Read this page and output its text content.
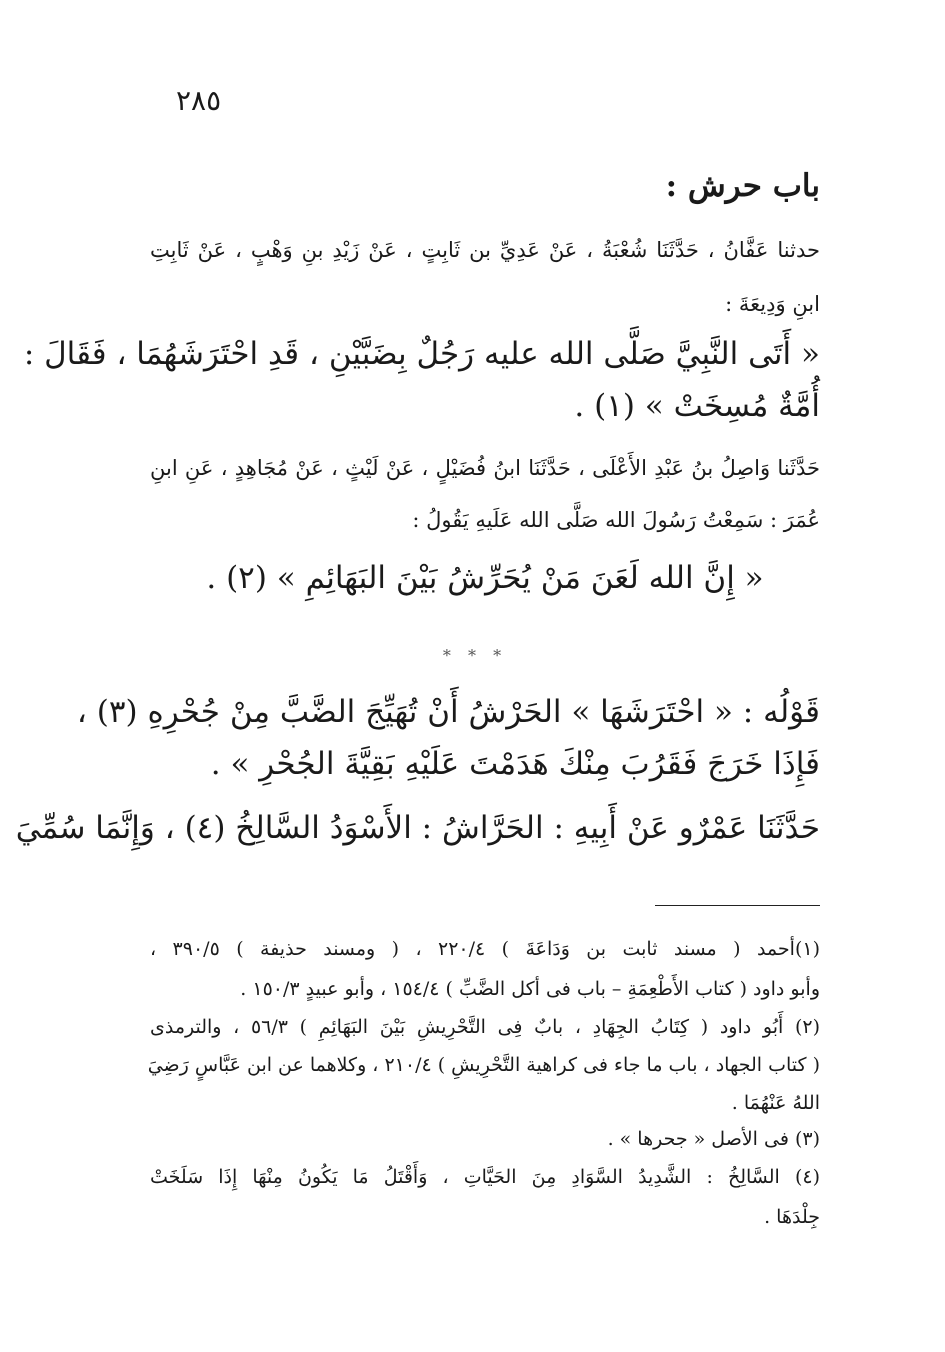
٢٨٥
باب حرش :
حدثنا عَفَّانُ ، حَدَّثَنَا شُعْبَةُ ، عَنْ عَدِيِّ بن ثَابِتٍ ، عَنْ زَيْدِ بنِ وَهْبٍ ، عَنْ ثَابِتِ
ابنِ وَدِيعَةَ :
« أَتَى النَّبِيَّ صَلَّى الله عليه رَجُلٌ بِضَبَّيْنِ ، قَدِ احْتَرَشَهُمَا ، فَقَالَ :
أُمَّةٌ مُسِخَتْ » (١) .
حَدَّثَنا وَاصِلُ بنُ عَبْدِ الأَعْلَى ، حَدَّثَنَا ابنُ فُضَيْلٍ ، عَنْ لَيْثٍ ، عَنْ مُجَاهِدٍ ، عَنِ ابنِ
عُمَرَ : سَمِعْتُ رَسُولَ الله صَلَّى الله عَلَيهِ يَقُولُ :
« إِنَّ الله لَعَنَ مَنْ يُحَرِّشُ بَيْنَ البَهَائِمِ » (٢) .
* * *
قَوْلُه : « احْتَرَشَهَا » الحَرْشُ أَنْ تُهَيِّجَ الضَّبَّ مِنْ جُحْرِهِ (٣) ،
فَإِذَا خَرَجَ فَقَرُبَ مِنْكَ هَدَمْتَ عَلَيْهِ بَقِيَّةَ الجُحْرِ » .
حَدَّثَنَا عَمْرٌو عَنْ أَبِيهِ : الحَرَّاشُ : الأَسْوَدُ السَّالِخُ (٤) ، وَإِنَّمَا سُمِّيَ
(١)أحمد ( مسند ثابت بن وَدَاعَةَ ) ٢٢٠/٤ ، ( ومسند حذيفة ) ٣٩٠/٥ ،
وأبو داود ( كتاب الأَطْعِمَةِ – باب فى أكل الضَّبِّ ) ١٥٤/٤ ، وأبو عبيدٍ ١٥٠/٣ .
(٢) أَبُو داود ( كِتَابُ الجِهَادِ ، بابٌ فِى التَّحْرِيشِ بَيْنَ البَهَائِمِ ) ٥٦/٣ ، والترمذى
( كتاب الجهاد ، باب ما جاء فى كراهية التَّحْرِيشِ ) ٢١٠/٤ ، وكلاهما عن ابن عَبَّاسٍ رَضِيَ
اللهُ عَنْهُمَا .
(٣) فى الأصل « جحرها » .
(٤) السَّالِخُ : الشَّدِيدُ السَّوَادِ مِنَ الحَيَّاتِ ، وَأَقْتَلُ مَا يَكُونُ مِنْهَا إِذَا سَلَخَتْ
جِلْدَهَا .
